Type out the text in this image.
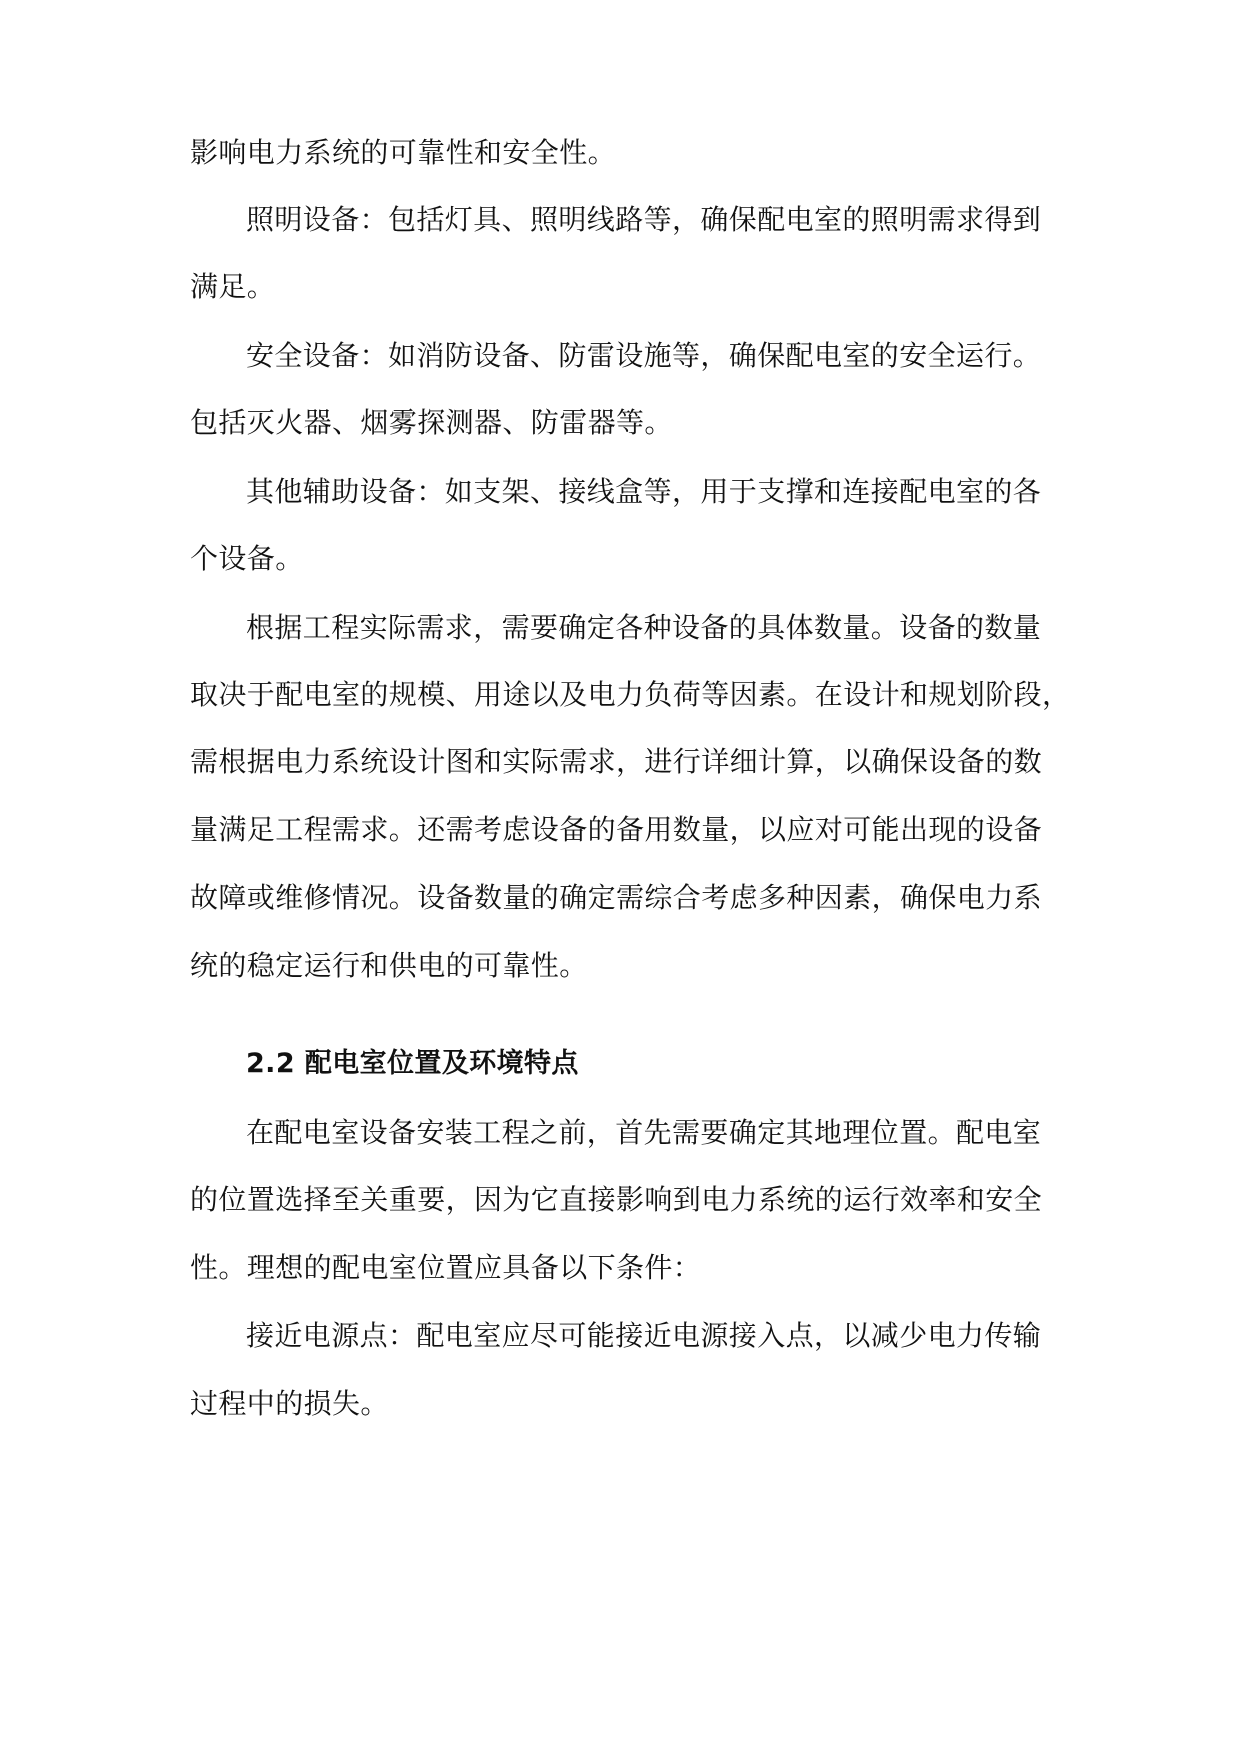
影响电力系统的可靠性和安全性。
照明设备：包括灯具、照明线路等，确保配电室的照明需求得到
满足。
安全设备：如消防设备、防雷设施等，确保配电室的安全运行。
包括灭火器、烟雾探测器、防雷器等。
其他辅助设备：如支架、接线盒等，用于支撑和连接配电室的各
个设备。
根据工程实际需求，需要确定各种设备的具体数量。设备的数量
取决于配电室的规模、用途以及电力负荷等因素。在设计和规划阶段，
需根据电力系统设计图和实际需求，进行详细计算，以确保设备的数
量满足工程需求。还需考虑设备的备用数量，以应对可能出现的设备
故障或维修情况。设备数量的确定需综合考虑多种因素，确保电力系
统的稳定运行和供电的可靠性。
2.2 配电室位置及环境特点
在配电室设备安装工程之前，首先需要确定其地理位置。配电室
的位置选择至关重要，因为它直接影响到电力系统的运行效率和安全
性。理想的配电室位置应具备以下条件：
接近电源点：配电室应尽可能接近电源接入点，以减少电力传输
过程中的损失。
